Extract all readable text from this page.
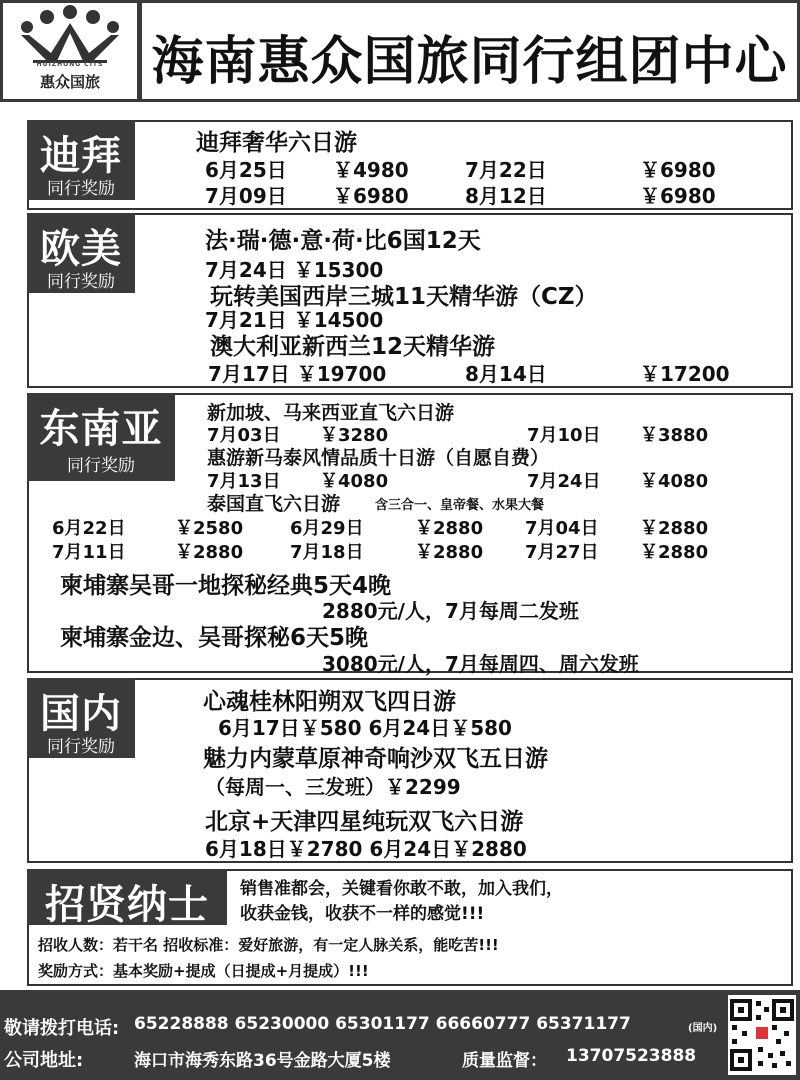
HUIZHONG CITS
惠众国旅 海南惠众国旅同行组团中心
迪拜
同行奖励
迪拜奢华六日游
6月25日 ￥4980	7月22日	￥6980
7月09日 ￥6980	8月12日	￥6980
欧美
同行奖励
法·瑞·德·意·荷·比6国12天
7月24日 ￥15300
玩转美国西岸三城11天精华游（CZ）
7月21日 ￥14500
澳大利亚新西兰12天精华游
7月17日 ￥19700	8月14日	￥17200
东南亚
同行奖励
新加坡、马来西亚直飞六日游
7月03日 ￥3280	7月10日 ￥3880
惠游新马泰风情品质十日游（自愿自费）
7月13日 ￥4080	7月24日 ￥4080
泰国直飞六日游	含三合一、皇帝餐、水果大餐
6月22日	￥2580	6月29日	￥2880 7月04日 ￥2880
7月11日	￥2880	7月18日	￥2880 7月27日 ￥2880
柬埔寨吴哥一地探秘经典5天4晚
2880元/人，7月每周二发班
柬埔寨金边、吴哥探秘6天5晚
3080元/人，7月每周四、周六发班
国内
同行奖励
心魂桂林阳朔双飞四日游
6月17日￥580 6月24日￥580
魅力内蒙草原神奇响沙双飞五日游
（每周一、三发班）￥2299
北京+天津四星纯玩双飞六日游
6月18日￥2780 6月24日￥2880
招贤纳士	销售准都会，关键看你敢不敢，加入我们，
收获金钱，收获不一样的感觉!!!
招收人数：若干名 招收标准：爱好旅游，有一定人脉关系，能吃苦!!!
奖励方式：基本奖励+提成（日提成+月提成）!!!
敬请拨打电话: 65228888 65230000 65301177 66660777 65371177	(国内)
公司地址:	海口市海秀东路36号金路大厦5楼	质量监督： 13707523888
